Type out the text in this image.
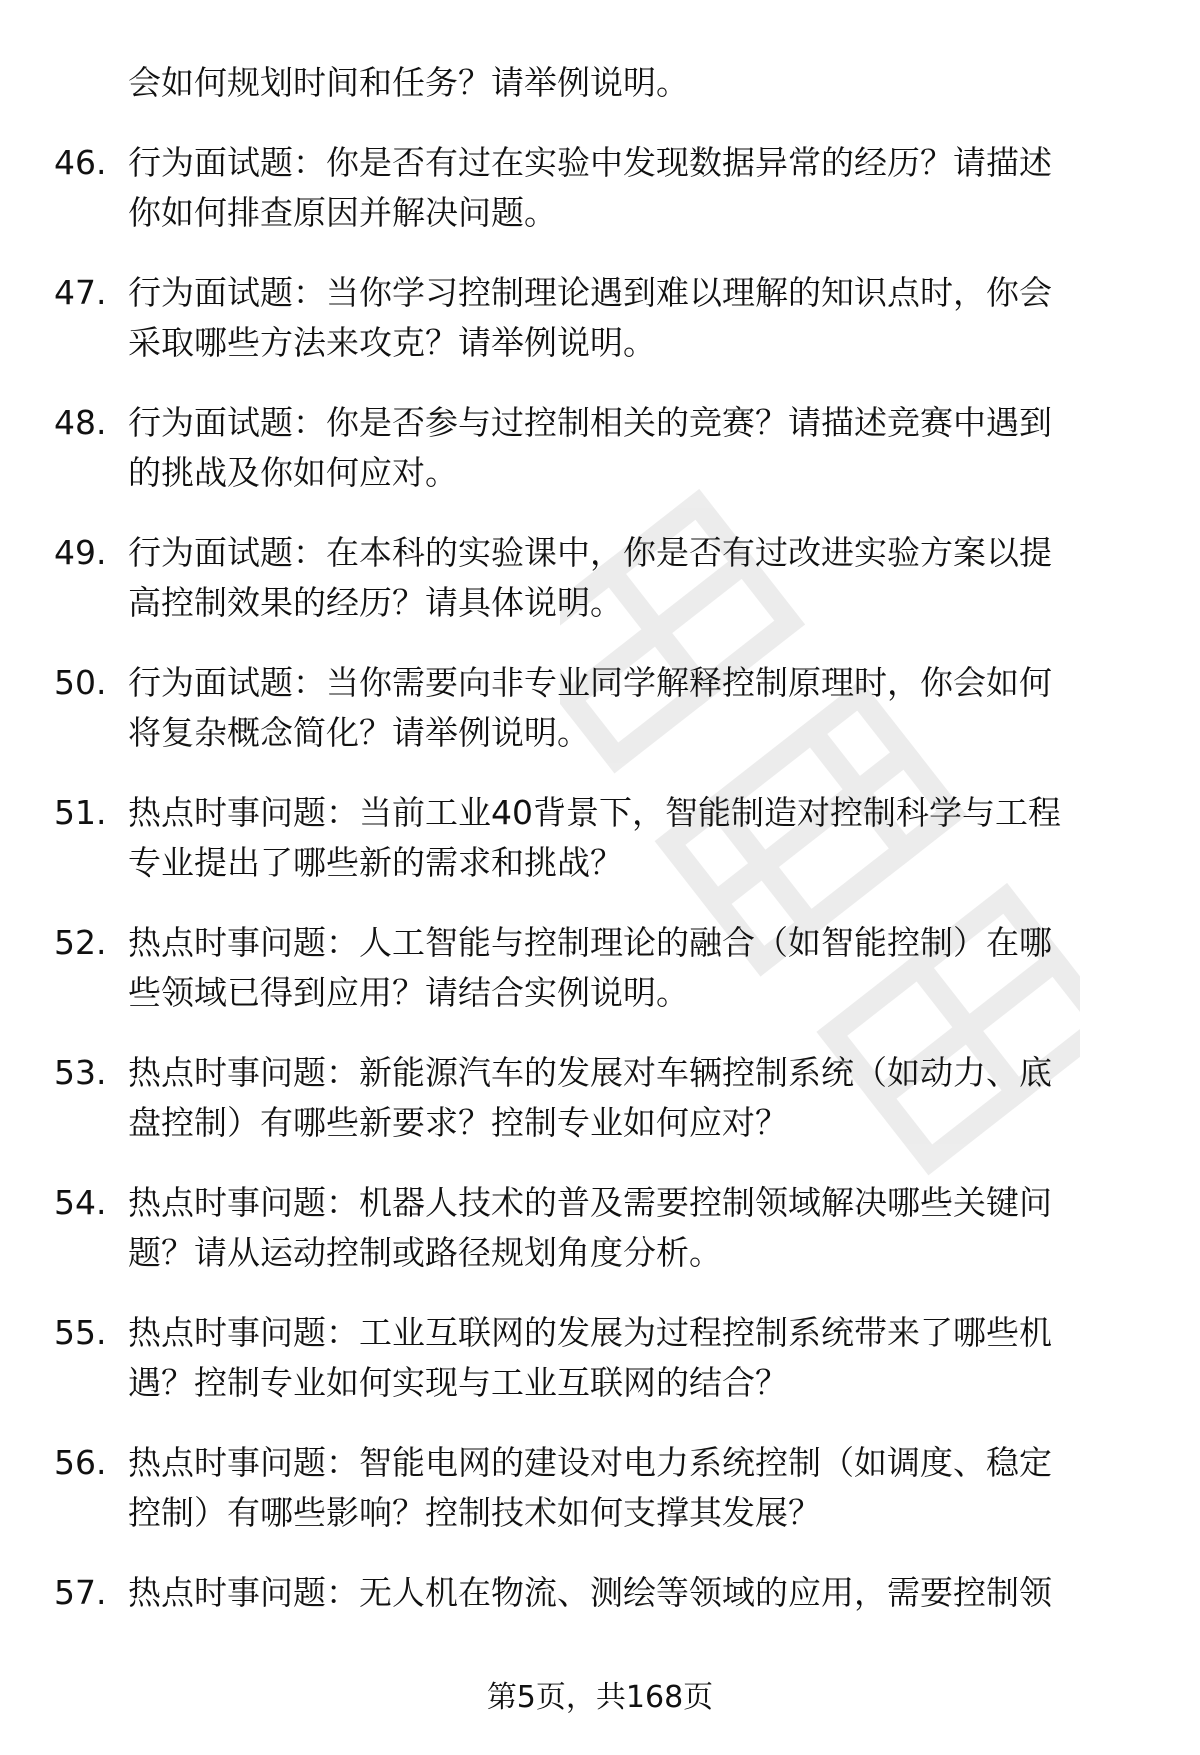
会如何规划时间和任务？请举例说明。
46. 行为面试题：你是否有过在实验中发现数据异常的经历？请描述
你如何排查原因并解决问题。
47. 行为面试题：当你学习控制理论遇到难以理解的知识点时，你会
采取哪些方法来攻克？请举例说明。
48. 行为面试题：你是否参与过控制相关的竞赛？请描述竞赛中遇到
的挑战及你如何应对。
49. 行为面试题：在本科的实验课中，你是否有过改进实验方案以提
高控制效果的经历？请具体说明。
50. 行为面试题：当你需要向非专业同学解释控制原理时，你会如何
将复杂概念简化？请举例说明。
51. 热点时事问题：当前工业40背景下，智能制造对控制科学与工程
专业提出了哪些新的需求和挑战？
52. 热点时事问题：人工智能与控制理论的融合（如智能控制）在哪
些领域已得到应用？请结合实例说明。
53. 热点时事问题：新能源汽车的发展对车辆控制系统（如动力、底
盘控制）有哪些新要求？控制专业如何应对？
54. 热点时事问题：机器人技术的普及需要控制领域解决哪些关键问
题？请从运动控制或路径规划角度分析。
55. 热点时事问题：工业互联网的发展为过程控制系统带来了哪些机
遇？控制专业如何实现与工业互联网的结合？
56. 热点时事问题：智能电网的建设对电力系统控制（如调度、稳定
控制）有哪些影响？控制技术如何支撑其发展？
57. 热点时事问题：无人机在物流、测绘等领域的应用，需要控制领
第5页，共168页
